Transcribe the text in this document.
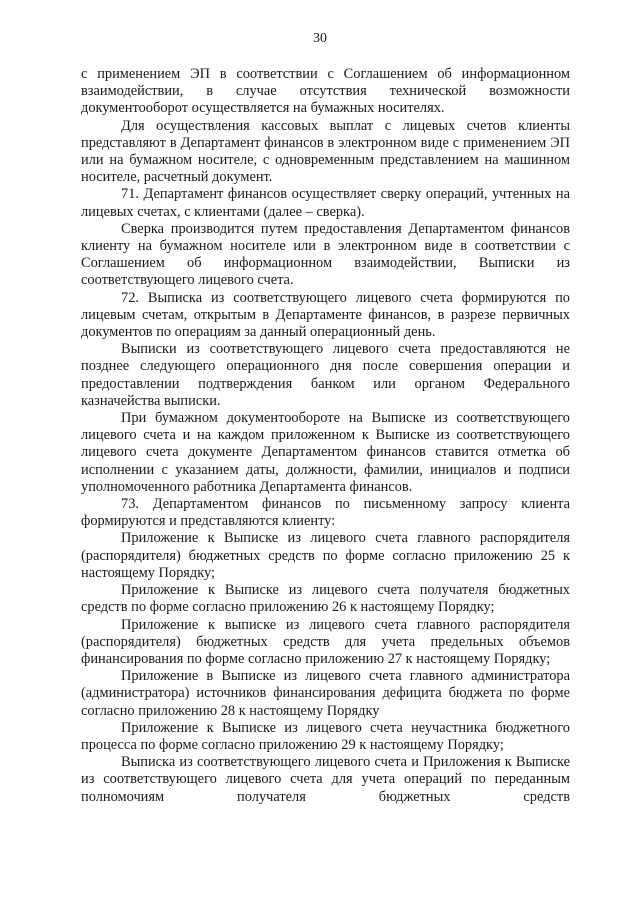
30

с применением ЭП в соответствии с Соглашением об информационном взаимодействии, в случае отсутствия технической возможности документооборот осуществляется на бумажных носителях.

Для осуществления кассовых выплат с лицевых счетов клиенты представляют в Департамент финансов в электронном виде с применением ЭП или на бумажном носителе, с одновременным представлением на машинном носителе, расчетный документ.

71. Департамент финансов осуществляет сверку операций, учтенных на лицевых счетах, с клиентами (далее – сверка).

Сверка производится путем предоставления Департаментом финансов клиенту на бумажном носителе или в электронном виде в соответствии с Соглашением об информационном взаимодействии, Выписки из соответствующего лицевого счета.

72. Выписка из соответствующего лицевого счета формируются по лицевым счетам, открытым в Департаменте финансов, в разрезе первичных документов по операциям за данный операционный день.

Выписки из соответствующего лицевого счета предоставляются не позднее следующего операционного дня после совершения операции и предоставлении подтверждения банком или органом Федерального казначейства выписки.

При бумажном документообороте на Выписке из соответствующего лицевого счета и на каждом приложенном к Выписке из соответствующего лицевого счета документе Департаментом финансов ставится отметка об исполнении с указанием даты, должности, фамилии, инициалов и подписи уполномоченного работника Департамента финансов.

73. Департаментом финансов по письменному запросу клиента формируются и представляются клиенту:

Приложение к Выписке из лицевого счета главного распорядителя (распорядителя) бюджетных средств по форме согласно приложению 25 к настоящему Порядку;

Приложение к Выписке из лицевого счета получателя бюджетных средств по форме согласно приложению 26 к настоящему Порядку;

Приложение к выписке из лицевого счета главного распорядителя (распорядителя) бюджетных средств для учета предельных объемов финансирования по форме согласно приложению 27 к настоящему Порядку;

Приложение в Выписке из лицевого счета главного администратора (администратора) источников финансирования дефицита бюджета по форме согласно приложению 28 к настоящему Порядку

Приложение к Выписке из лицевого счета неучастника бюджетного процесса по форме согласно приложению 29 к настоящему Порядку;

Выписка из соответствующего лицевого счета и Приложения к Выписке из соответствующего лицевого счета для учета операций по переданным полномочиям получателя бюджетных средств
